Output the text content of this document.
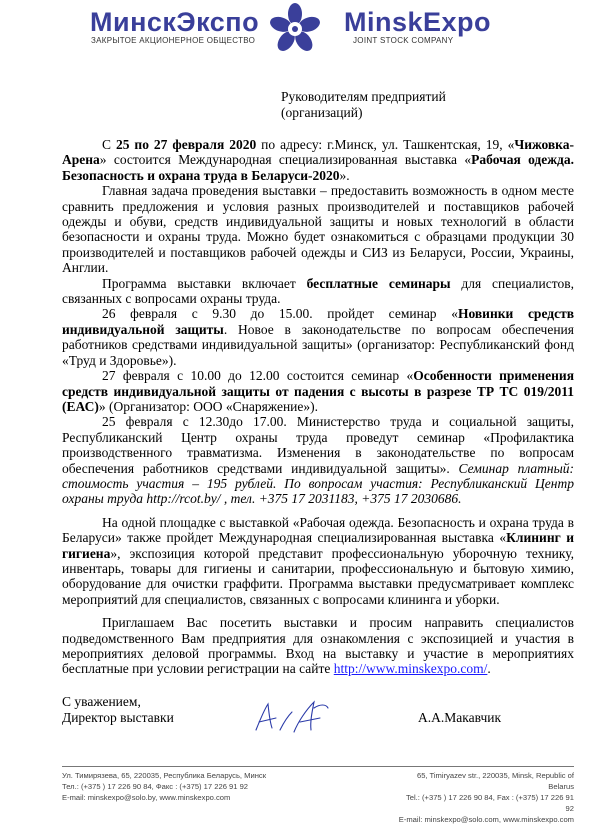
МинскЭкспо
ЗАКРЫТОЕ АКЦИОНЕРНОЕ ОБЩЕСТВО
MinskExpo
JOINT STOCK COMPANY
Руководителям предприятий
(организаций)

С 25 по 27 февраля 2020 по адресу: г.Минск, ул. Ташкентская, 19, «Чижовка-Арена» состоится Международная специализированная выставка «Рабочая одежда. Безопасность и охрана труда в Беларуси-2020».

Главная задача проведения выставки – предоставить возможность в одном месте сравнить предложения и условия разных производителей и поставщиков рабочей одежды и обуви, средств индивидуальной защиты и новых технологий в области безопасности и охраны труда. Можно будет ознакомиться с образцами продукции 30 производителей и поставщиков рабочей одежды и СИЗ из Беларуси, России, Украины, Англии.

Программа выставки включает бесплатные семинары для специалистов, связанных с вопросами охраны труда.

26 февраля с 9.30 до 15.00. пройдет семинар «Новинки средств индивидуальной защиты. Новое в законодательстве по вопросам обеспечения работников средствами индивидуальной защиты» (организатор: Республиканский фонд «Труд и Здоровье»).

27 февраля с 10.00 до 12.00 состоится семинар «Особенности применения средств индивидуальной защиты от падения с высоты в разрезе ТР ТС 019/2011 (ЕАС)» (Организатор: ООО «Снаряжение»).

25 февраля с 12.30до 17.00. Министерство труда и социальной защиты, Республиканский Центр охраны труда проведут семинар «Профилактика производственного травматизма. Изменения в законодательстве по вопросам обеспечения работников средствами индивидуальной защиты». Семинар платный: стоимость участия – 195 рублей. По вопросам участия: Республиканский Центр охраны труда http://rcot.by/ , тел. +375 17 2031183, +375 17 2030686.

На одной площадке с выставкой «Рабочая одежда. Безопасность и охрана труда в Беларуси» также пройдет Международная специализированная выставка «Клининг и гигиена», экспозиция которой представит профессиональную уборочную технику, инвентарь, товары для гигиены и санитарии, профессиональную и бытовую химию, оборудование для очистки граффити. Программа выставки предусматривает комплекс мероприятий для специалистов, связанных с вопросами клининга и уборки.

Приглашаем Вас посетить выставки и просим направить специалистов подведомственного Вам предприятия для ознакомления с экспозицией и участия в мероприятиях деловой программы. Вход на выставку и участие в мероприятиях бесплатные при условии регистрации на сайте http://www.minskexpo.com/.

С уважением,
Директор выставки	А.А.Макавчик
Ул. Тимирязева, 65, 220035, Республика Беларусь, Минск
Тел.: (+375 ) 17 226 90 84, Факс : (+375) 17 226 91 92
E-mail: minskexpo@solo.by, www.minskexpo.com
65, Timiryazev str., 220035, Minsk, Republic of Belarus
Tel.: (+375 ) 17 226 90 84, Fax : (+375) 17 226 91 92
E-mail: minskexpo@solo.com, www.minskexpo.com
